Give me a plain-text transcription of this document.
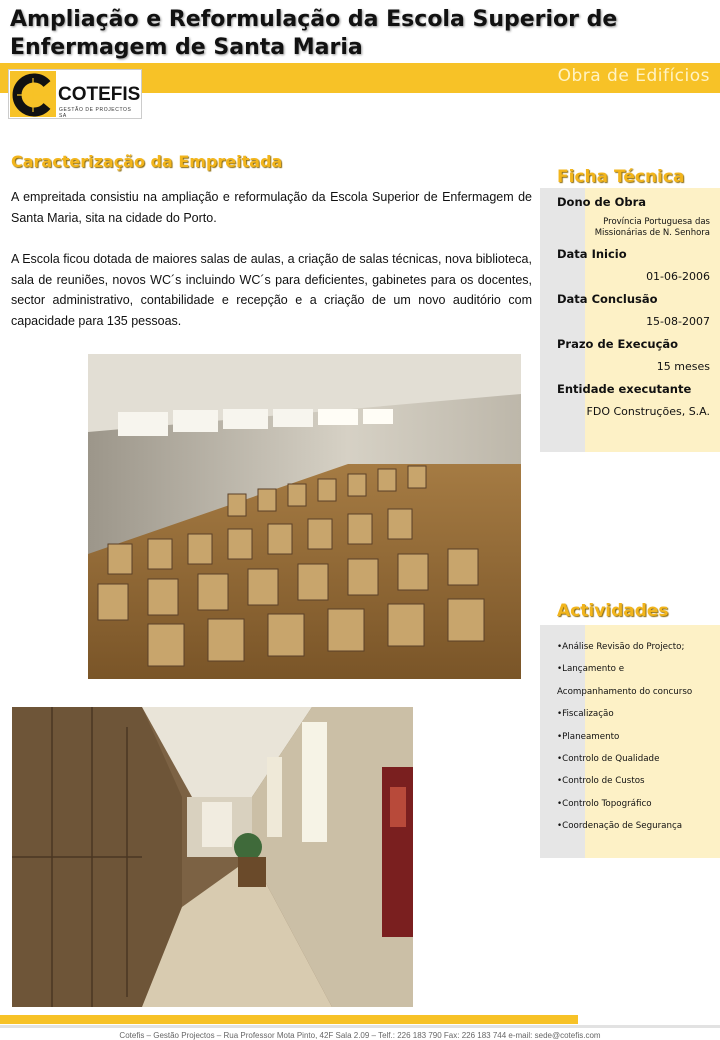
Ampliação e Reformulação da Escola Superior de Enfermagem de Santa Maria
Obra de Edifícios
COTEFIS
GESTÃO DE PROJECTOS SA
Caracterização da Empreitada

A empreitada consistiu na ampliação e reformulação da Escola Superior de Enfermagem de Santa Maria, sita na cidade do Porto.

A Escola ficou dotada de maiores salas de aulas, a criação de salas técnicas, nova biblioteca, sala de reuniões, novos WC´s incluindo WC´s para deficientes, gabinetes para os docentes, sector administrativo, contabilidade e recepção e a criação de um novo auditório com capacidade para 135 pessoas.

Ficha Técnica
Dono de Obra
Província Portuguesa das Missionárias de N. Senhora
Data Inicio
01-06-2006
Data Conclusão
15-08-2007
Prazo de Execução
15 meses
Entidade executante
FDO Construções, S.A.
Actividades
•Análise Revisão do Projecto;
•Lançamento e
Acompanhamento do concurso
•Fiscalização
•Planeamento
•Controlo de Qualidade
•Controlo de Custos
•Controlo Topográfico
•Coordenação de Segurança
Cotefis – Gestão Projectos – Rua Professor Mota Pinto, 42F Sala 2.09 – Telf.: 226 183 790 Fax: 226 183 744 e-mail: sede@cotefis.com
